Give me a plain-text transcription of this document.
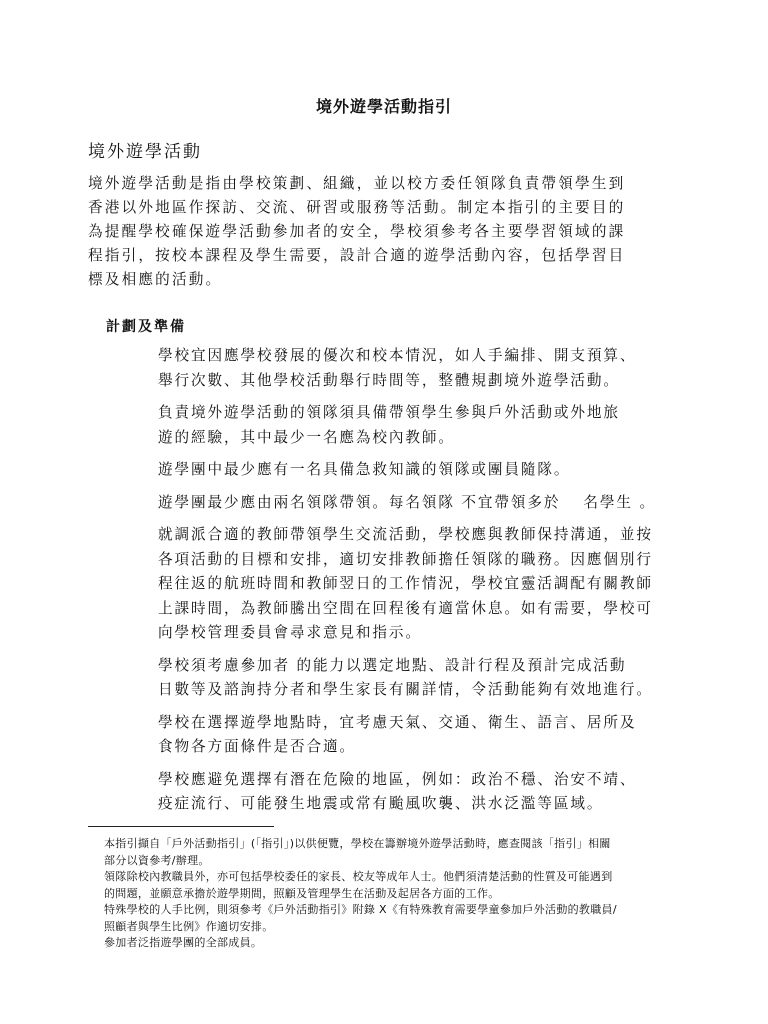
境外遊學活動指引
境外遊學活動

境外遊學活動是指由學校策劃、組織，並以校方委任領隊負責帶領學生到
香港以外地區作探訪、交流、研習或服務等活動。制定本指引的主要目的
為提醒學校確保遊學活動參加者的安全，學校須參考各主要學習領域的課
程指引，按校本課程及學生需要，設計合適的遊學活動內容，包括學習目
標及相應的活動。

計劃及準備

學校宜因應學校發展的優次和校本情況，如人手編排、開支預算、
舉行次數、其他學校活動舉行時間等，整體規劃境外遊學活動。

負責境外遊學活動的領隊須具備帶領學生參與戶外活動或外地旅
遊的經驗，其中最少一名應為校內教師。

遊學團中最少應有一名具備急救知識的領隊或團員隨隊。

遊學團最少應由兩名領隊帶領。每名領隊 不宜帶領多於　 名學生 。

就調派合適的教師帶領學生交流活動，學校應與教師保持溝通，並按
各項活動的目標和安排，適切安排教師擔任領隊的職務。因應個別行
程往返的航班時間和教師翌日的工作情況，學校宜靈活調配有關教師
上課時間，為教師騰出空間在回程後有適當休息。如有需要，學校可
向學校管理委員會尋求意見和指示。

學校須考慮參加者 的能力以選定地點、設計行程及預計完成活動
日數等及諮詢持分者和學生家長有關詳情，令活動能夠有效地進行。

學校在選擇遊學地點時，宜考慮天氣、交通、衛生、語言、居所及
食物各方面條件是否合適。

學校應避免選擇有潛在危險的地區，例如：政治不穩、治安不靖、
疫症流行、可能發生地震或常有颱風吹襲、洪水泛濫等區域。

本指引擷自「戶外活動指引」(「指引」)以供便覽，學校在籌辦境外遊學活動時，應查閱該「指引」相關
部分以資參考/辦理。
領隊除校內教職員外，亦可包括學校委任的家長、校友等成年人士。他們須清楚活動的性質及可能遇到
的問題，並願意承擔於遊學期間，照顧及管理學生在活動及起居各方面的工作。
特殊學校的人手比例，則須參考《戶外活動指引》附錄 X《有特殊教育需要學童參加戶外活動的教職員/
照顧者與學生比例》作適切安排。
參加者泛指遊學團的全部成員。
